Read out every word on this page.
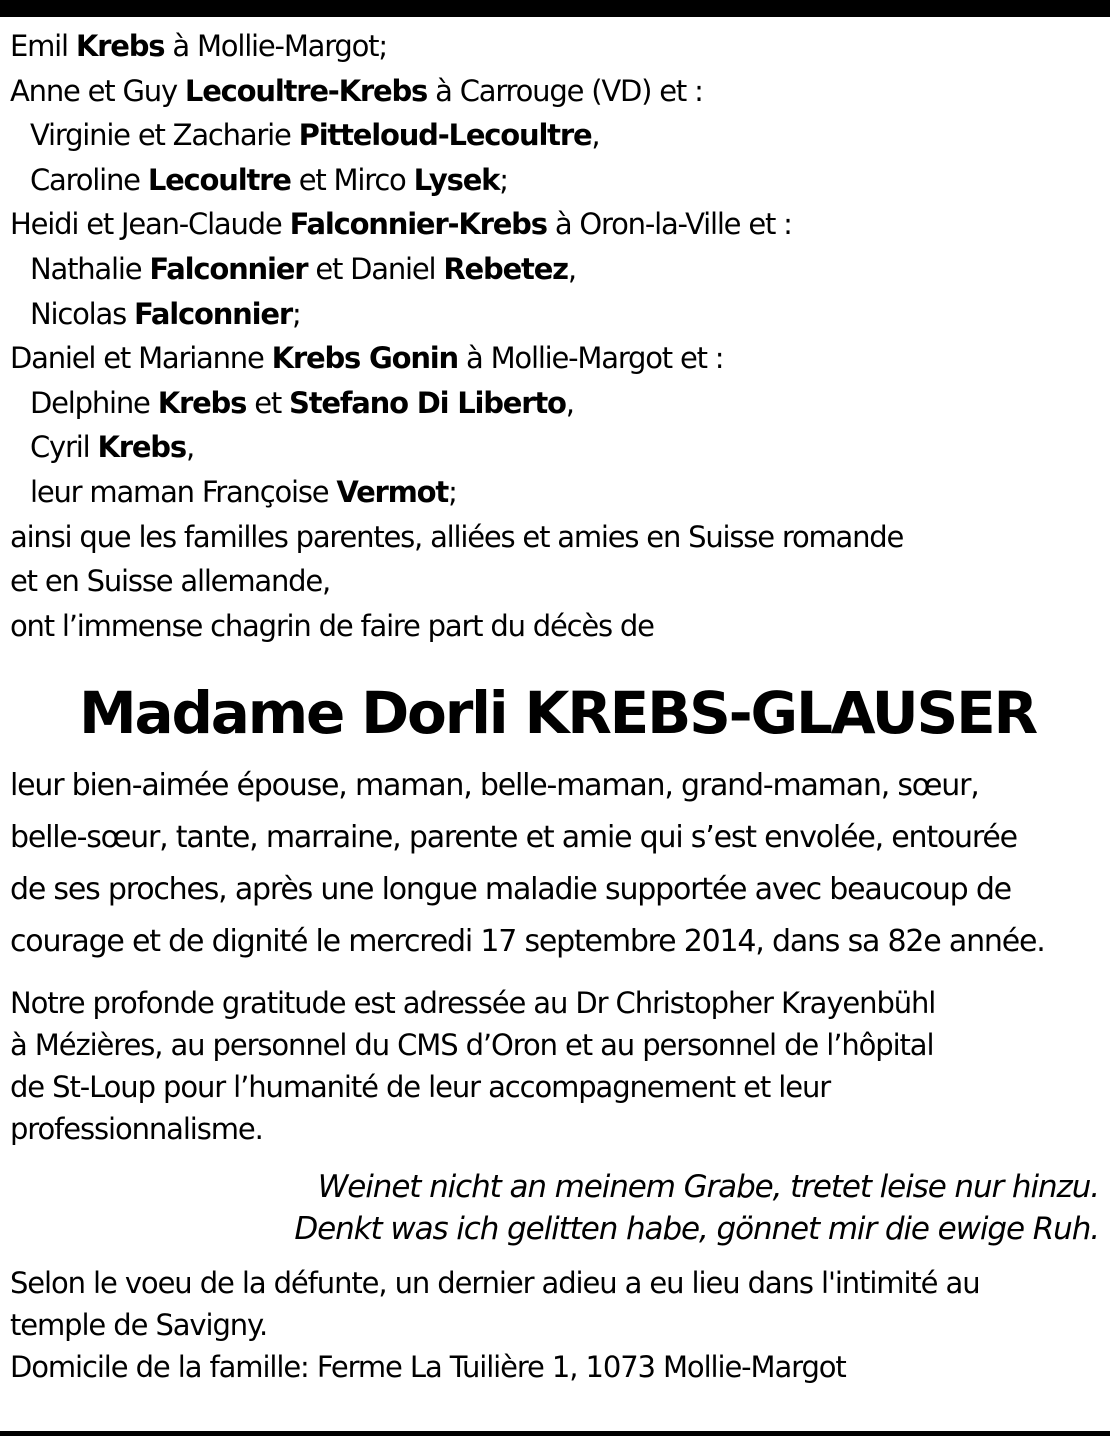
Emil Krebs à Mollie-Margot;
Anne et Guy Lecoultre-Krebs à Carrouge (VD) et :
Virginie et Zacharie Pitteloud-Lecoultre,
Caroline Lecoultre et Mirco Lysek;
Heidi et Jean-Claude Falconnier-Krebs à Oron-la-Ville et :
Nathalie Falconnier et Daniel Rebetez,
Nicolas Falconnier;
Daniel et Marianne Krebs Gonin à Mollie-Margot et :
Delphine Krebs et Stefano Di Liberto,
Cyril Krebs,
leur maman Françoise Vermot;
ainsi que les familles parentes, alliées et amies en Suisse romande
et en Suisse allemande,
ont l’immense chagrin de faire part du décès de
Madame Dorli KREBS-GLAUSER
leur bien-aimée épouse, maman, belle-maman, grand-maman, sœur,
belle-sœur, tante, marraine, parente et amie qui s’est envolée, entourée
de ses proches, après une longue maladie supportée avec beaucoup de
courage et de dignité le mercredi 17 septembre 2014, dans sa 82e année.
Notre profonde gratitude est adressée au Dr Christopher Krayenbühl
à Mézières, au personnel du CMS d’Oron et au personnel de l’hôpital
de St-Loup pour l’humanité de leur accompagnement et leur
professionnalisme.
Weinet nicht an meinem Grabe, tretet leise nur hinzu.
Denkt was ich gelitten habe, gönnet mir die ewige Ruh.
Selon le voeu de la défunte, un dernier adieu a eu lieu dans l'intimité au
temple de Savigny.
Domicile de la famille: Ferme La Tuilière 1, 1073 Mollie-Margot
